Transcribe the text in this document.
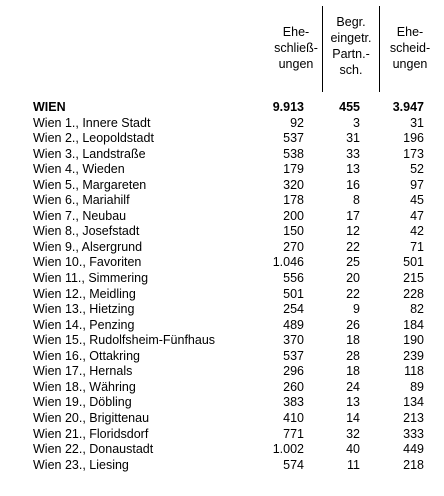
Ehe-
schließ-
ungen
Begr.
eingetr.
Partn.-
sch.
Ehe-
scheid-
ungen
WIEN	9.913	455	3.947
Wien 1., Innere Stadt	92	3	31
Wien 2., Leopoldstadt	537	31	196
Wien 3., Landstraße	538	33	173
Wien 4., Wieden	179	13	52
Wien 5., Margareten	320	16	97
Wien 6., Mariahilf	178	8	45
Wien 7., Neubau	200	17	47
Wien 8., Josefstadt	150	12	42
Wien 9., Alsergrund	270	22	71
Wien 10., Favoriten	1.046	25	501
Wien 11., Simmering	556	20	215
Wien 12., Meidling	501	22	228
Wien 13., Hietzing	254	9	82
Wien 14., Penzing	489	26	184
Wien 15., Rudolfsheim-Fünfhaus	370	18	190
Wien 16., Ottakring	537	28	239
Wien 17., Hernals	296	18	118
Wien 18., Währing	260	24	89
Wien 19., Döbling	383	13	134
Wien 20., Brigittenau	410	14	213
Wien 21., Floridsdorf	771	32	333
Wien 22., Donaustadt	1.002	40	449
Wien 23., Liesing	574	11	218
